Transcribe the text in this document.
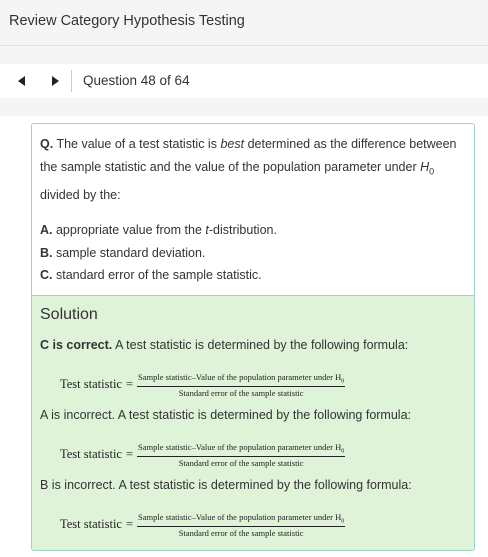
Review Category Hypothesis Testing
Question 48 of 64
Q. The value of a test statistic is best determined as the difference between the sample statistic and the value of the population parameter under $H_0$ divided by the:
A. appropriate value from the t-distribution.
B. sample standard deviation.
C. standard error of the sample statistic.
Solution
C is correct. A test statistic is determined by the following formula:
Test statistic = $\frac{Sample statistic-Value of the population parameter under H_0}{\text{Standard error of the sample statistic}}$
A is incorrect. A test statistic is determined by the following formula:
Test statistic = $\frac{Sample statistic-Value of the population parameter under H_0}{\text{Standard error of the sample statistic}}$
B is incorrect. A test statistic is determined by the following formula:
Test statistic = $\frac{Sample statistic-Value of the population parameter under H_0}{\text{Standard error of the sample statistic}}$
